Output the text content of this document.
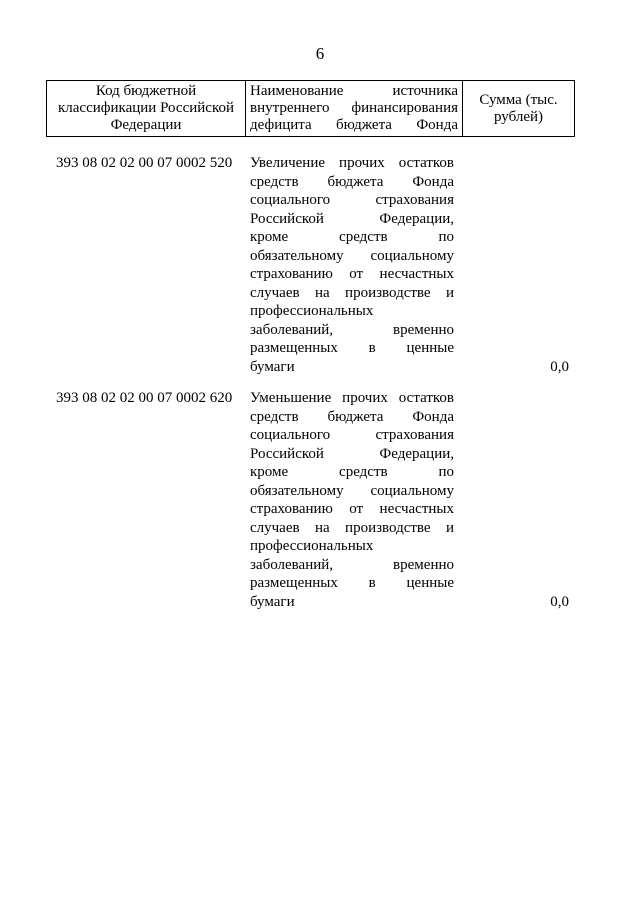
6
Код бюджетной классификации Российской Федерации	Наименование источника внутреннего финансирования дефицита бюджета Фонда	Сумма (тыс. рублей)
393 08 02 02 00 07 0002 520 Увеличение прочих остатков
средств бюджета Фонда
социального страхования
Российской Федерации,
кроме средств по
обязательному социальному
страхованию от несчастных
случаев на производстве и
профессиональных
заболеваний, временно
размещенных в ценные
бумаги	0,0
393 08 02 02 00 07 0002 620 Уменьшение прочих остатков
средств бюджета Фонда
социального страхования
Российской Федерации,
кроме средств по
обязательному социальному
страхованию от несчастных
случаев на производстве и
профессиональных
заболеваний, временно
размещенных в ценные
бумаги	0,0
